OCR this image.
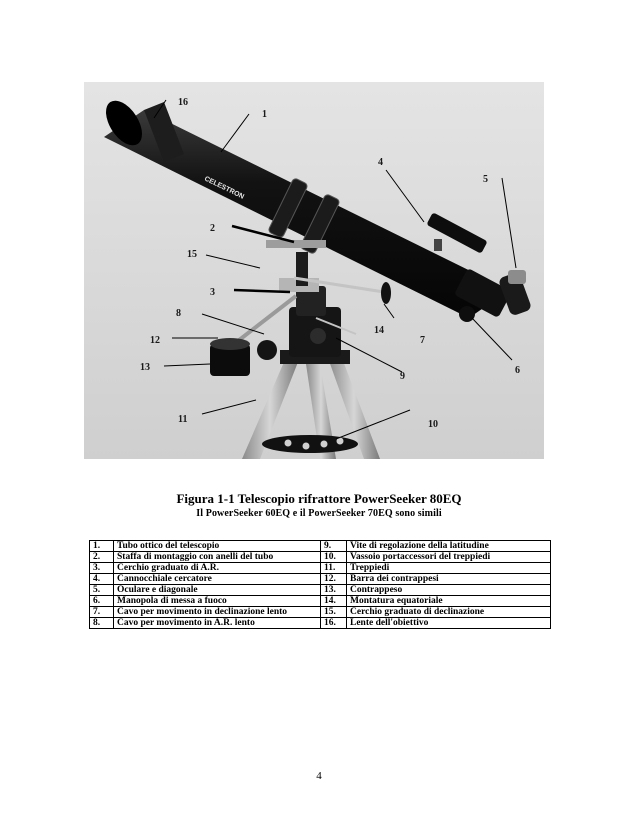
CELESTRON
16
1
4
5
2
15
3
8
14
7
12
13
9
6
11	10
Figura 1-1 Telescopio rifrattore PowerSeeker 80EQ
Il PowerSeeker 60EQ e il PowerSeeker 70EQ sono simili
1.	Tubo ottico del telescopio	9.	Vite di regolazione della latitudine
2.	Staffa di montaggio con anelli del tubo	10.	Vassoio portaccessori del treppiedi
3.	Cerchio graduato di A.R.	11.	Treppiedi
4.	Cannocchiale cercatore	12.	Barra dei contrappesi
5.	Oculare e diagonale	13.	Contrappeso
6.	Manopola di messa a fuoco	14.	Montatura equatoriale
7.	Cavo per movimento in declinazione lento	15.	Cerchio graduato di declinazione
8.	Cavo per movimento in A.R. lento	16.	Lente dell'obiettivo
4
